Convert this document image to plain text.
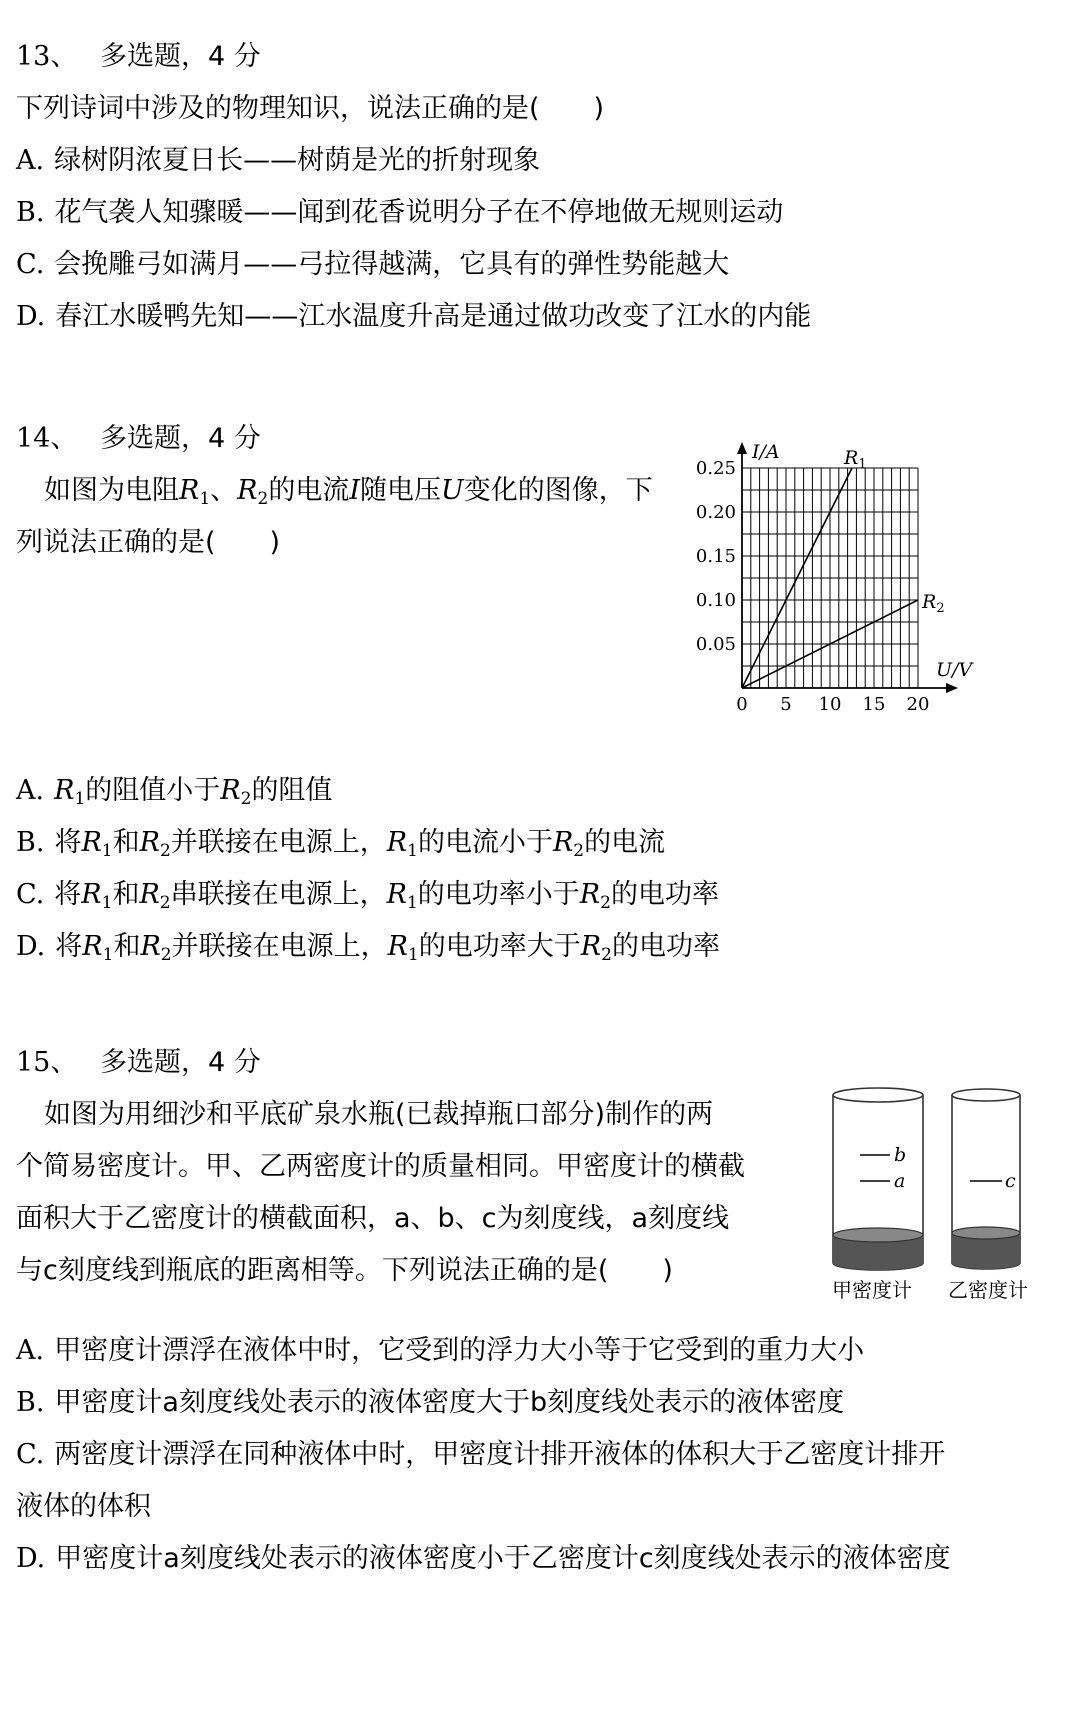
13、 多选题，4 分
下列诗词中涉及的物理知识，说法正确的是(　　)
A. 绿树阴浓夏日长——树荫是光的折射现象
B. 花气袭人知骤暖——闻到花香说明分子在不停地做无规则运动
C. 会挽雕弓如满月——弓拉得越满，它具有的弹性势能越大
D. 春江水暖鸭先知——江水温度升高是通过做功改变了江水的内能
14、 多选题，4 分
如图为电阻$R_1$、$R_2$的电流I随电压U变化的图像，下
列说法正确的是(　　)
I/A
U/V
0.05
0.10
0.15
0.20
0.25
0 5 10 15 20
$R_1$
$R_2$
A. $R_1$的阻值小于$R_2$的阻值
B. 将$R_1$和$R_2$并联接在电源上，$R_1$的电流小于$R_2$的电流
C. 将$R_1$和$R_2$串联接在电源上，$R_1$的电功率小于$R_2$的电功率
D. 将$R_1$和$R_2$并联接在电源上，$R_1$的电功率大于$R_2$的电功率
15、 多选题，4 分
如图为用细沙和平底矿泉水瓶(已裁掉瓶口部分)制作的两
个简易密度计。甲、乙两密度计的质量相同。甲密度计的横截
面积大于乙密度计的横截面积，a、b、c为刻度线，a刻度线
与c刻度线到瓶底的距离相等。下列说法正确的是(　　)
b
a	c
甲密度计 乙密度计
A. 甲密度计漂浮在液体中时，它受到的浮力大小等于它受到的重力大小
B. 甲密度计a刻度线处表示的液体密度大于b刻度线处表示的液体密度
C. 两密度计漂浮在同种液体中时，甲密度计排开液体的体积大于乙密度计排开
液体的体积
D. 甲密度计a刻度线处表示的液体密度小于乙密度计c刻度线处表示的液体密度
